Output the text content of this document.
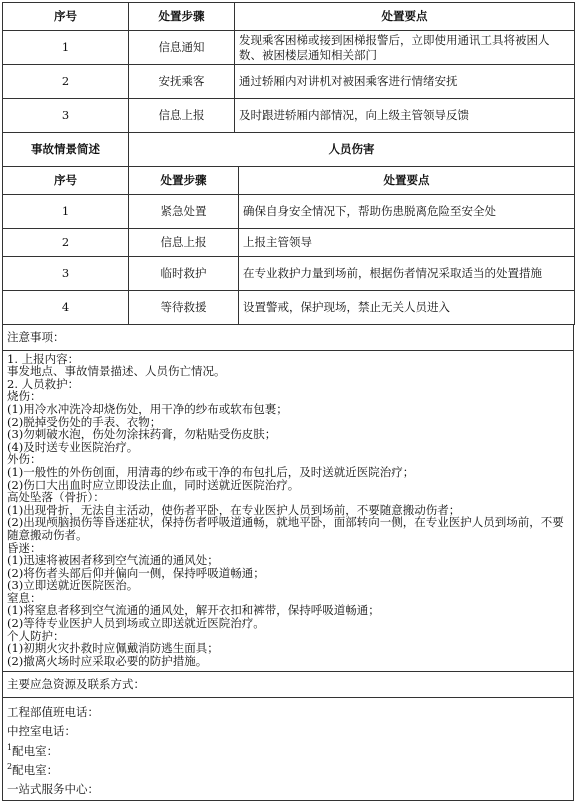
序号	处置步骤	处置要点
1	信息通知	发现乘客困梯或接到困梯报警后，立即使用通讯工具将被困人数、被困楼层通知相关部门
2	安抚乘客	通过轿厢内对讲机对被困乘客进行情绪安抚
3	信息上报	及时跟进轿厢内部情况，向上级主管领导反馈
事故情景简述	人员伤害	
序号	处置步骤	处置要点
1	紧急处置	确保自身安全情况下，帮助伤患脱离危险至安全处
2	信息上报	上报主管领导
3	临时救护	在专业救护力量到场前，根据伤者情况采取适当的处置措施
4	等待救援	设置警戒，保护现场，禁止无关人员进入
注意事项：
1. 上报内容：
事发地点、事故情景描述、人员伤亡情况。
2. 人员救护：
烧伤：
(1)用冷水冲洗冷却烧伤处，用干净的纱布或软布包裹；
(2)脱掉受伤处的手表、衣物；
(3)勿刺破水泡，伤处勿涂抹药膏，勿粘贴受伤皮肤；
(4)及时送专业医院治疗。
外伤：
(1)一般性的外伤创面，用清毒的纱布或干净的布包扎后，及时送就近医院治疗；
(2)伤口大出血时应立即设法止血，同时送就近医院治疗。
高处坠落（骨折）：
(1)出现骨折，无法自主活动，使伤者平卧，在专业医护人员到场前，不要随意搬动伤者；
(2)出现颅脑损伤等昏迷症状，保持伤者呼吸道通畅，就地平卧，面部转向一侧，在专业医护人员到场前，不要随意搬动伤者。
昏迷：
(1)迅速将被困者移到空气流通的通风处；
(2)将伤者头部后仰并偏向一侧，保持呼吸道畅通；
(3)立即送就近医院医治。
窒息：
(1)将窒息者移到空气流通的通风处，解开衣扣和裤带，保持呼吸道畅通；
(2)等待专业医护人员到场或立即送就近医院治疗。
个人防护：
(1)初期火灾扑救时应佩戴消防逃生面具；
(2)撤离火场时应采取必要的防护措施。
主要应急资源及联系方式：
工程部值班电话：
中控室电话：
$^1$配电室：
$^2$配电室：
一站式服务中心：
